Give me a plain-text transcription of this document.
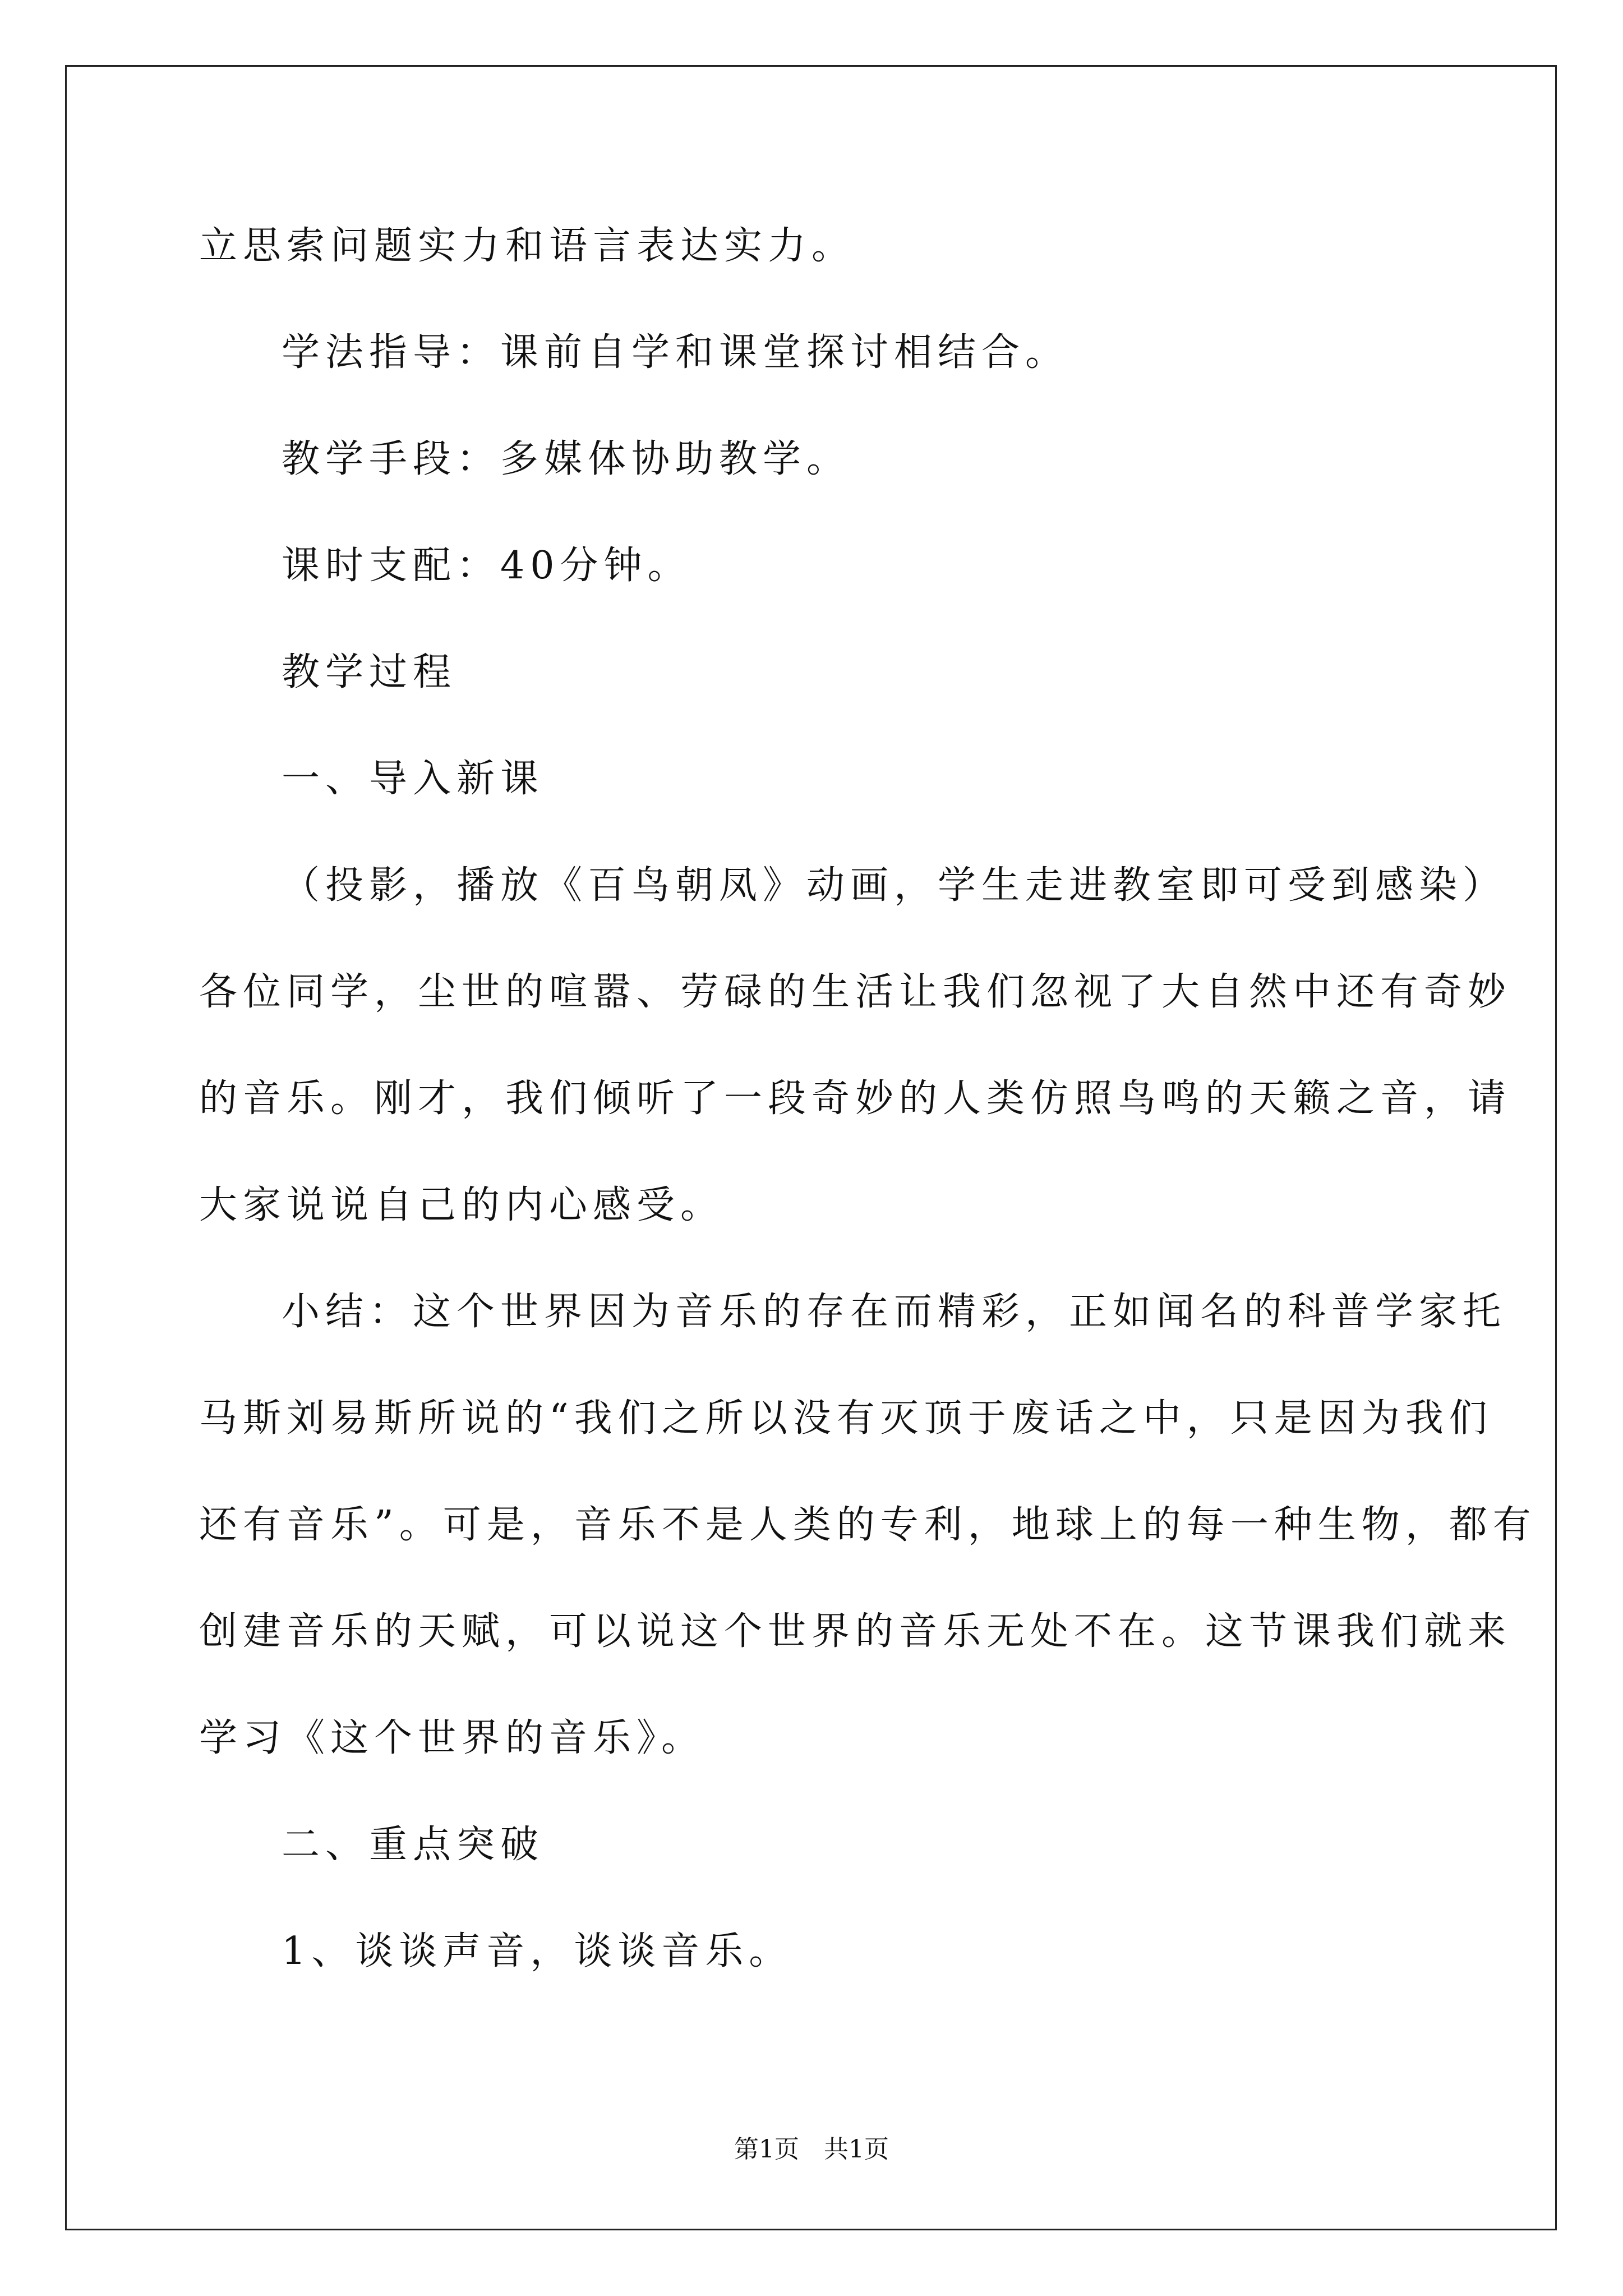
立思索问题实力和语言表达实力。
学法指导：课前自学和课堂探讨相结合。
教学手段：多媒体协助教学。
课时支配：40分钟。
教学过程
一、导入新课
（投影，播放《百鸟朝凤》动画，学生走进教室即可受到感染）
各位同学，尘世的喧嚣、劳碌的生活让我们忽视了大自然中还有奇妙
的音乐。刚才，我们倾听了一段奇妙的人类仿照鸟鸣的天籁之音，请
大家说说自己的内心感受。
小结：这个世界因为音乐的存在而精彩，正如闻名的科普学家托
马斯刘易斯所说的“我们之所以没有灭顶于废话之中，只是因为我们
还有音乐”。可是，音乐不是人类的专利，地球上的每一种生物，都有
创建音乐的天赋，可以说这个世界的音乐无处不在。这节课我们就来
学习《这个世界的音乐》。
二、重点突破
1、谈谈声音，谈谈音乐。
第1页　共1页
